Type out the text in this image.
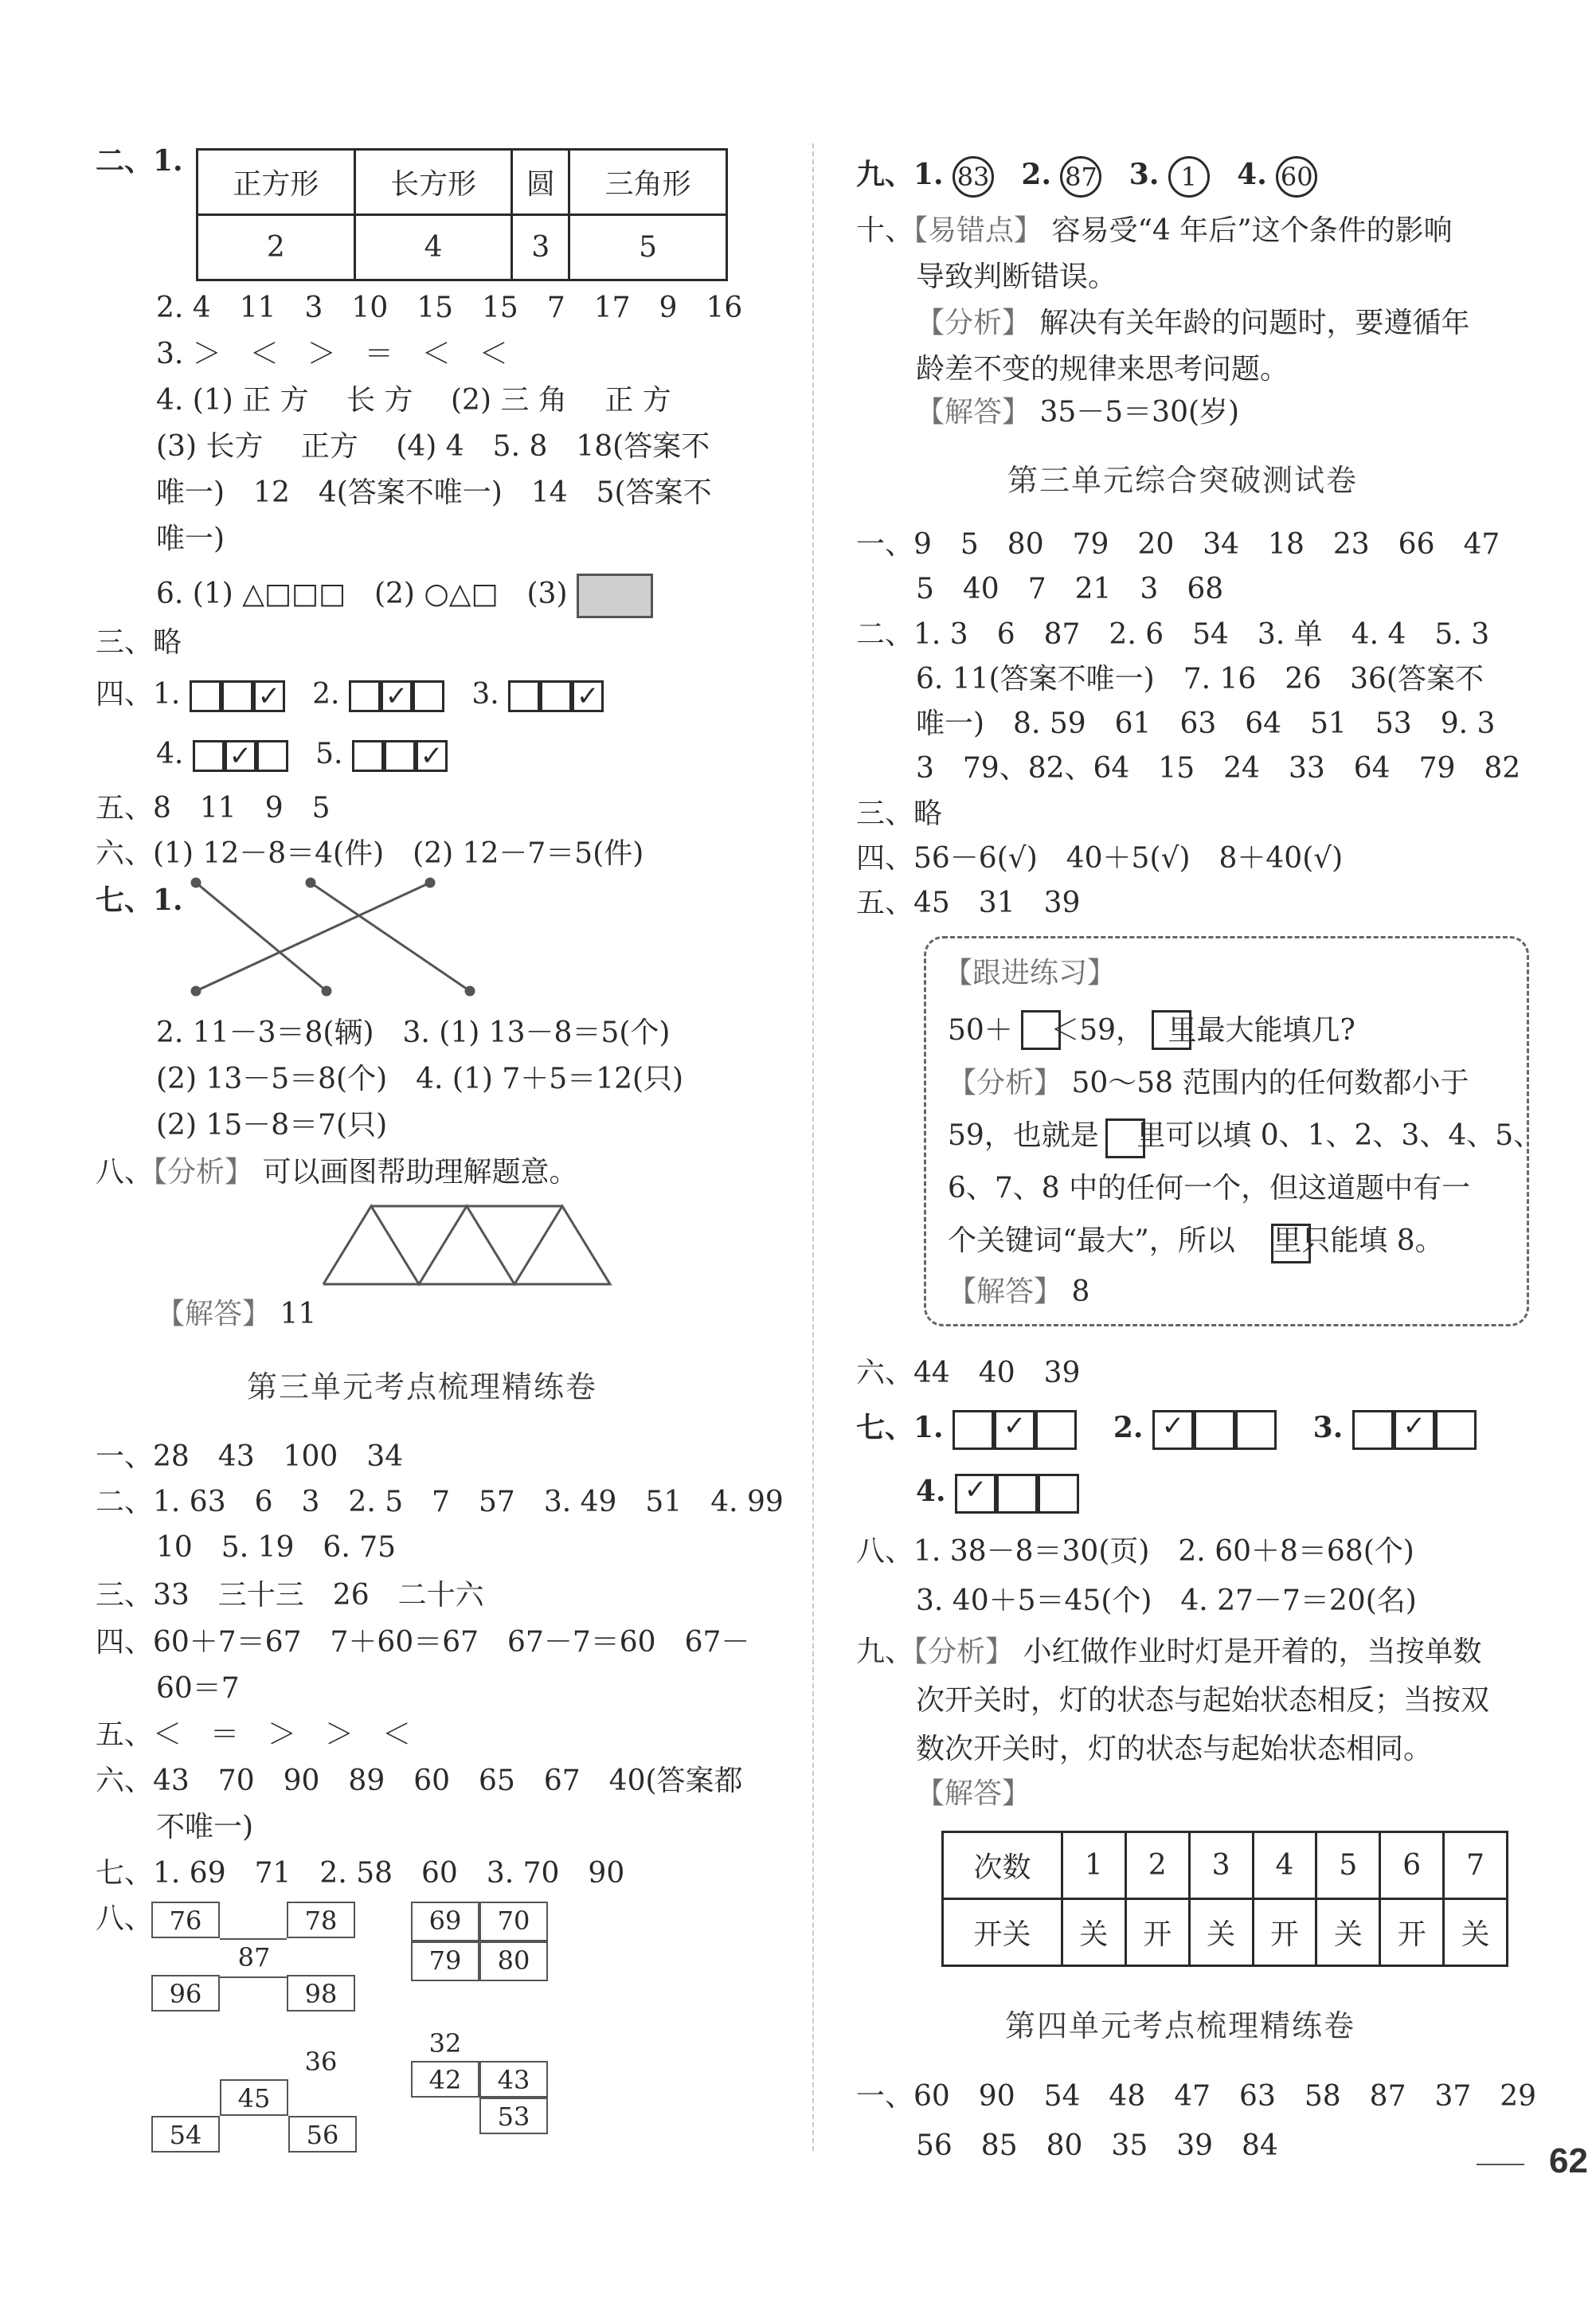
二、1.
正方形	长方形	圆	三角形
2	4	3	5
2. 4　11　3　10　15　15　7　17　9　16
3. ＞　＜　＞　＝　＜　＜
4. (1) 正 方　 长 方　 (2) 三 角　 正 方
(3) 长方　 正方　 (4) 4　5. 8　18(答案不
唯一)　12　4(答案不唯一)　14　5(答案不
唯一)
6. (1) △□□□　(2) ○△□　(3)
三、略
四、1.	✓ 2. ✓ 3.	✓
4. ✓ 5.	✓
五、8　11　9　5
六、(1) 12－8＝4(件)　(2) 12－7＝5(件)
七、1.
2. 11－3＝8(辆)　3. (1) 13－8＝5(个)
(2) 13－5＝8(个)　4. (1) 7＋5＝12(只)
(2) 15－8＝7(只)
八、【分析】 可以画图帮助理解题意。
【解答】 11
第三单元考点梳理精练卷
一、28　43　100　34
二、1. 63　6　3　2. 5　7　57　3. 49　51　4. 99
10　5. 19　6. 75
三、33　三十三　26　二十六
四、60＋7＝67　7＋60＝67　67－7＝60　67－
60＝7
五、＜　＝　＞　＞　＜
六、43　70　90　89　60　65　67　40(答案都
不唯一)
七、1. 69　71　2. 58　60　3. 70　90
八、 76	78
87
96	98
69	70
79	80
32
36
42	43
45
53
54	56
九、1. 83 2. 87 3. 1 4. 60
十、【易错点】 容易受“4 年后”这个条件的影响
导致判断错误。
【分析】 解决有关年龄的问题时，要遵循年
龄差不变的规律来思考问题。
【解答】 35－5＝30(岁)
第三单元综合突破测试卷
一、9　5　80　79　20　34　18　23　66　47
5　40　7　21　3　68
二、1. 3　6　87　2. 6　54　3. 单　4. 4　5. 3
6. 11(答案不唯一)　7. 16　26　36(答案不
唯一)　8. 59　61　63　64　51　53　9. 3
3　79、82、64　15　24　33　64　79　82
三、略
四、56－6(√)　40＋5(√)　8＋40(√)
五、45　31　39
【跟进练习】
50＋　 ＜59，　 里最大能填几?
【分析】 50～58 范围内的任何数都小于
59，也就是　 里可以填 0、1、2、3、4、5、
6、7、8 中的任何一个，但这道题中有一
个关键词“最大”，所以　 里只能填 8。
【解答】 8
六、44　40　39
七、1. ✓	2. ✓	3. ✓
4. ✓
八、1. 38－8＝30(页)　2. 60＋8＝68(个)
3. 40＋5＝45(个)　4. 27－7＝20(名)
九、【分析】 小红做作业时灯是开着的，当按单数
次开关时，灯的状态与起始状态相反；当按双
数次开关时，灯的状态与起始状态相同。
【解答】
次数	1	2	3	4	5	6	7
开关	关	开	关	开	关	开	关
第四单元考点梳理精练卷
一、60　90　54　48　47　63　58　87　37　29
56　85　80　35　39　84	62
